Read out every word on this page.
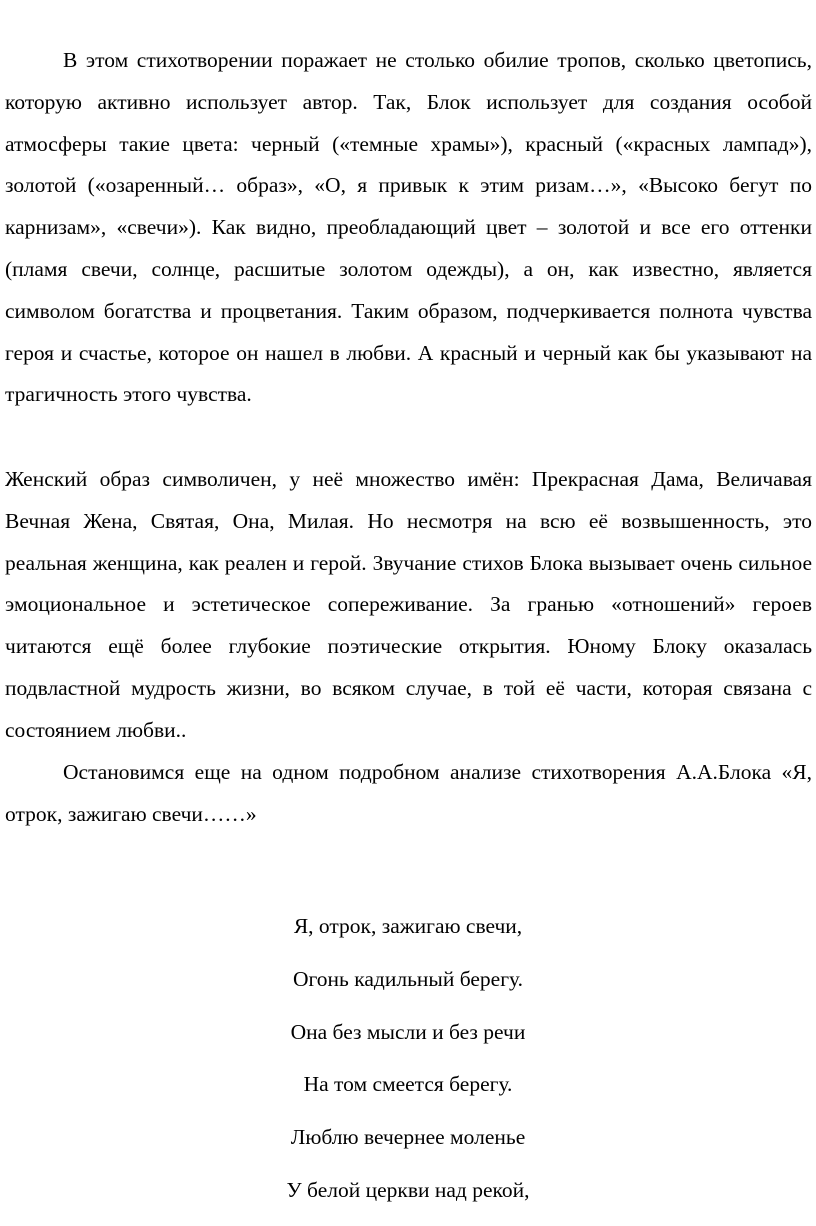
В этом стихотворении поражает не столько обилие тропов, сколько цветопись, которую активно использует автор. Так, Блок использует для создания особой атмосферы такие цвета: черный («темные храмы»), красный («красных лампад»), золотой («озаренный… образ», «О, я привык к этим ризам…», «Высоко бегут по карнизам», «свечи»). Как видно, преобладающий цвет – золотой и все его оттенки (пламя свечи, солнце, расшитые золотом одежды), а он, как известно, является символом богатства и процветания. Таким образом, подчеркивается полнота чувства героя и счастье, которое он нашел в любви. А красный и черный как бы указывают на трагичность этого чувства.

Женский образ символичен, у неё множество имён: Прекрасная Дама, Величавая Вечная Жена, Святая, Она, Милая. Но несмотря на всю её возвышенность, это реальная женщина, как реален и герой. Звучание стихов Блока вызывает очень сильное эмоциональное и эстетическое сопереживание. За гранью «отношений» героев читаются ещё более глубокие поэтические открытия. Юному Блоку оказалась подвластной мудрость жизни, во всяком случае, в той её части, которая связана с состоянием любви..

Остановимся еще на одном подробном анализе стихотворения А.А.Блока «Я, отрок, зажигаю свечи……»

Я, отрок, зажигаю свечи,
Огонь кадильный берегу.
Она без мысли и без речи
На том смеется берегу.
Люблю вечернее моленье
У белой церкви над рекой,
